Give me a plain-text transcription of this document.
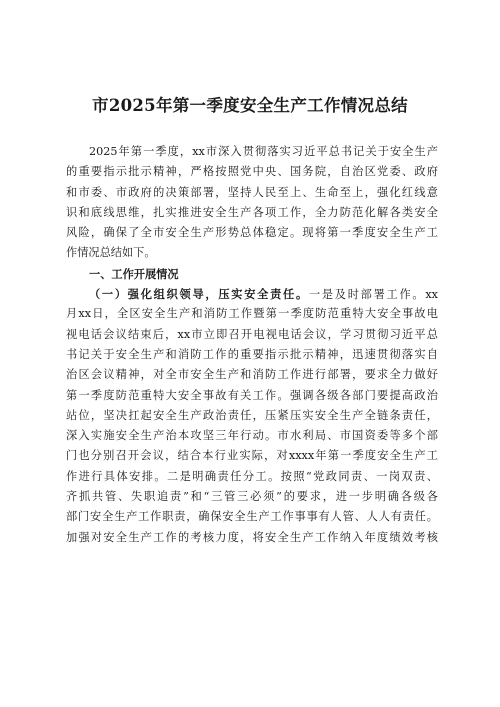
市2025年第一季度安全生产工作情况总结
2025年第一季度，xx市深入贯彻落实习近平总书记关于安全生产
的重要指示批示精神，严格按照党中央、国务院，自治区党委、政府
和市委、市政府的决策部署，坚持人民至上、生命至上，强化红线意
识和底线思维，扎实推进安全生产各项工作，全力防范化解各类安全
风险，确保了全市安全生产形势总体稳定。现将第一季度安全生产工
作情况总结如下。
一、工作开展情况
（一）强化组织领导，压实安全责任。一是及时部署工作。xx
月xx日，全区安全生产和消防工作暨第一季度防范重特大安全事故电
视电话会议结束后，xx市立即召开电视电话会议，学习贯彻习近平总
书记关于安全生产和消防工作的重要指示批示精神，迅速贯彻落实自
治区会议精神，对全市安全生产和消防工作进行部署，要求全力做好
第一季度防范重特大安全事故有关工作。强调各级各部门要提高政治
站位，坚决扛起安全生产政治责任，压紧压实安全生产全链条责任，
深入实施安全生产治本攻坚三年行动。市水利局、市国资委等多个部
门也分别召开会议，结合本行业实际，对xxxx年第一季度安全生产工
作进行具体安排。二是明确责任分工。按照“党政同责、一岗双责、
齐抓共管、失职追责”和“三管三必须”的要求，进一步明确各级各
部门安全生产工作职责，确保安全生产工作事事有人管、人人有责任。
加强对安全生产工作的考核力度，将安全生产工作纳入年度绩效考核
